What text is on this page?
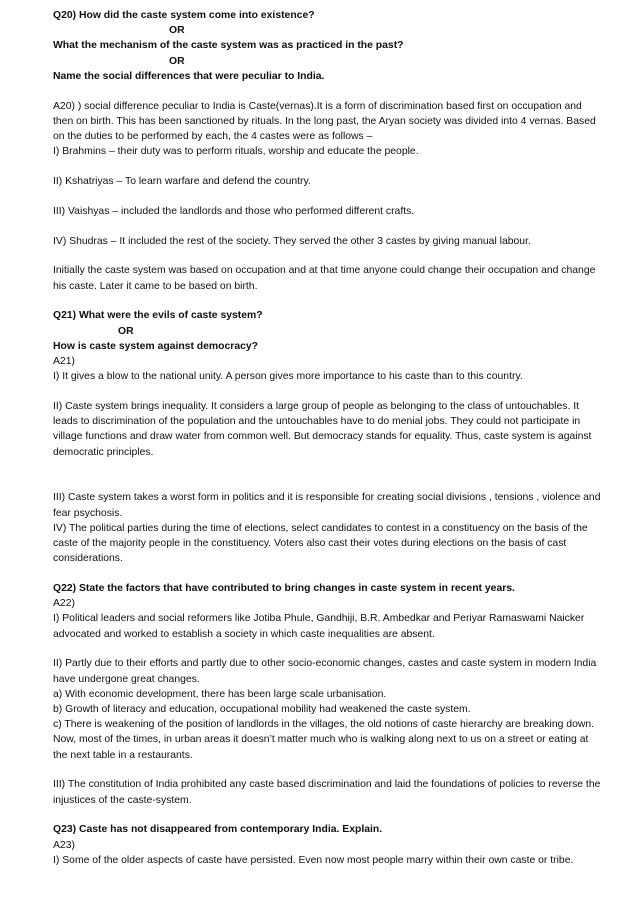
Q20) How did the caste system come into existence?

OR

What the mechanism of the caste system was as practiced in the past?

OR

Name the social differences that were peculiar to India.

A20) ) social difference peculiar to India is Caste(vernas).It is a form of discrimination based first on occupation and then on birth. This has been sanctioned by rituals. In the long past, the Aryan society was divided into 4 vernas. Based on the duties to be performed by each, the 4 castes were as follows –

I) Brahmins – their duty was to perform rituals, worship and educate the people.

II) Kshatriyas – To learn warfare and defend the country.

III) Vaishyas – included the landlords and those who performed different crafts.

IV) Shudras – It included the rest of the society. They served the other 3 castes by giving manual labour.

Initially the caste system was based on occupation and at that time anyone could change their occupation and change his caste. Later it came to be based on birth.

Q21) What were the evils of caste system?

OR

How is caste system against democracy?

A21)

I) It gives a blow to the national unity. A person gives more importance to his caste than to this country.

II) Caste system brings inequality. It considers a large group of people as belonging to the class of untouchables. It leads to discrimination of the population and the untouchables have to do menial jobs. They could not participate in village functions and draw water from common well. But democracy stands for equality. Thus, caste system is against democratic principles.

III) Caste system takes a worst form in politics and it is responsible for creating social divisions , tensions , violence and fear psychosis.

IV) The political parties during the time of elections, select candidates to contest in a constituency on the basis of the caste of the majority people in the constituency. Voters also cast their votes during elections on the basis of cast considerations.

Q22) State the factors that have contributed to bring changes in caste system in recent years.

A22)

I) Political leaders and social reformers like Jotiba Phule, Gandhiji, B.R. Ambedkar and Periyar Ramaswami Naicker advocated and worked to establish a society in which caste inequalities are absent.

II) Partly due to their efforts and partly due to other socio-economic changes, castes and caste system in modern India have undergone great changes.

a) With economic development, there has been large scale urbanisation.

b) Growth of literacy and education, occupational mobility had weakened the caste system.

c) There is weakening of the position of landlords in the villages, the old notions of caste hierarchy are breaking down.

Now, most of the times, in urban areas it doesn’t matter much who is walking along next to us on a street or eating at the next table in a restaurants.

III) The constitution of India prohibited any caste based discrimination and laid the foundations of policies to reverse the injustices of the caste-system.

Q23) Caste has not disappeared from contemporary India. Explain.

A23)

I) Some of the older aspects of caste have persisted. Even now most people marry within their own caste or tribe.
